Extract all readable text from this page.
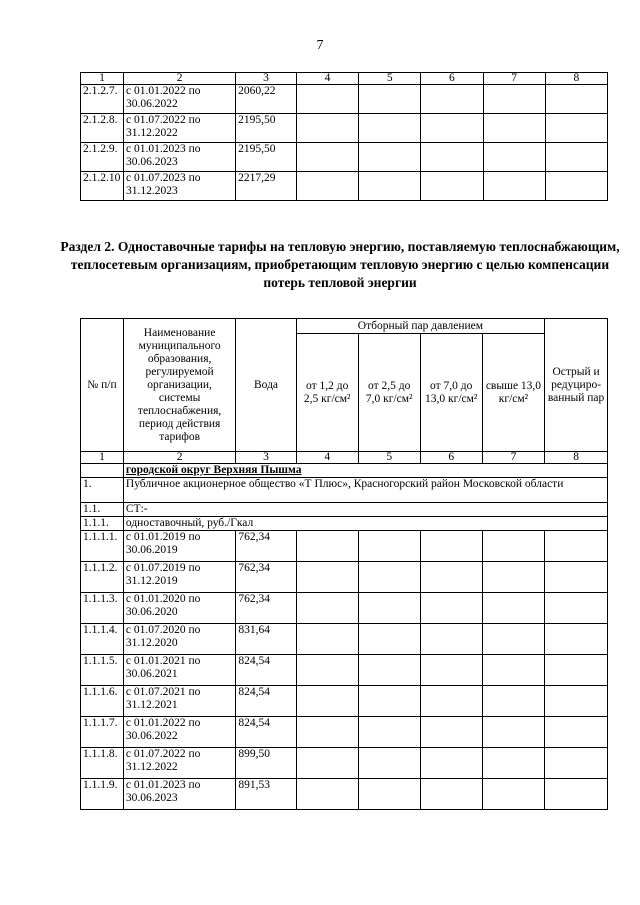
7
1	2	3	4	5	6	7	8
2.1.2.7.	с 01.01.2022 по 30.06.2022	2060,22					
2.1.2.8.	с 01.07.2022 по 31.12.2022	2195,50					
2.1.2.9.	с 01.01.2023 по 30.06.2023	2195,50					
2.1.2.10	с 01.07.2023 по 31.12.2023	2217,29					
Раздел 2. Одноставочные тарифы на тепловую энергию, поставляемую теплоснабжающим, теплосетевым организациям, приобретающим тепловую энергию с целью компенсации потерь тепловой энергии
№ п/п	Наименование муниципального образования, регулируемой организации, системы теплоснабжения, период действия тарифов	Вода	Отборный пар давлением				Острый и редуциро-ванный пар
			от 1,2 до 2,5 кг/см²	от 2,5 до 7,0 кг/см²	от 7,0 до 13,0 кг/см²	свыше 13,0 кг/см²	
1	2	3	4	5	6	7	8
	городской округ Верхняя Пышма						
1.	Публичное акционерное общество «Т Плюс», Красногорский район Московской области						
1.1.	СТ:-						
1.1.1.	одноставочный, руб./Гкал						
1.1.1.1.	с 01.01.2019 по 30.06.2019	762,34					
1.1.1.2.	с 01.07.2019 по 31.12.2019	762,34					
1.1.1.3.	с 01.01.2020 по 30.06.2020	762,34					
1.1.1.4.	с 01.07.2020 по 31.12.2020	831,64					
1.1.1.5.	с 01.01.2021 по 30.06.2021	824,54					
1.1.1.6.	с 01.07.2021 по 31.12.2021	824,54					
1.1.1.7.	с 01.01.2022 по 30.06.2022	824,54					
1.1.1.8.	с 01.07.2022 по 31.12.2022	899,50					
1.1.1.9.	с 01.01.2023 по 30.06.2023	891,53					
